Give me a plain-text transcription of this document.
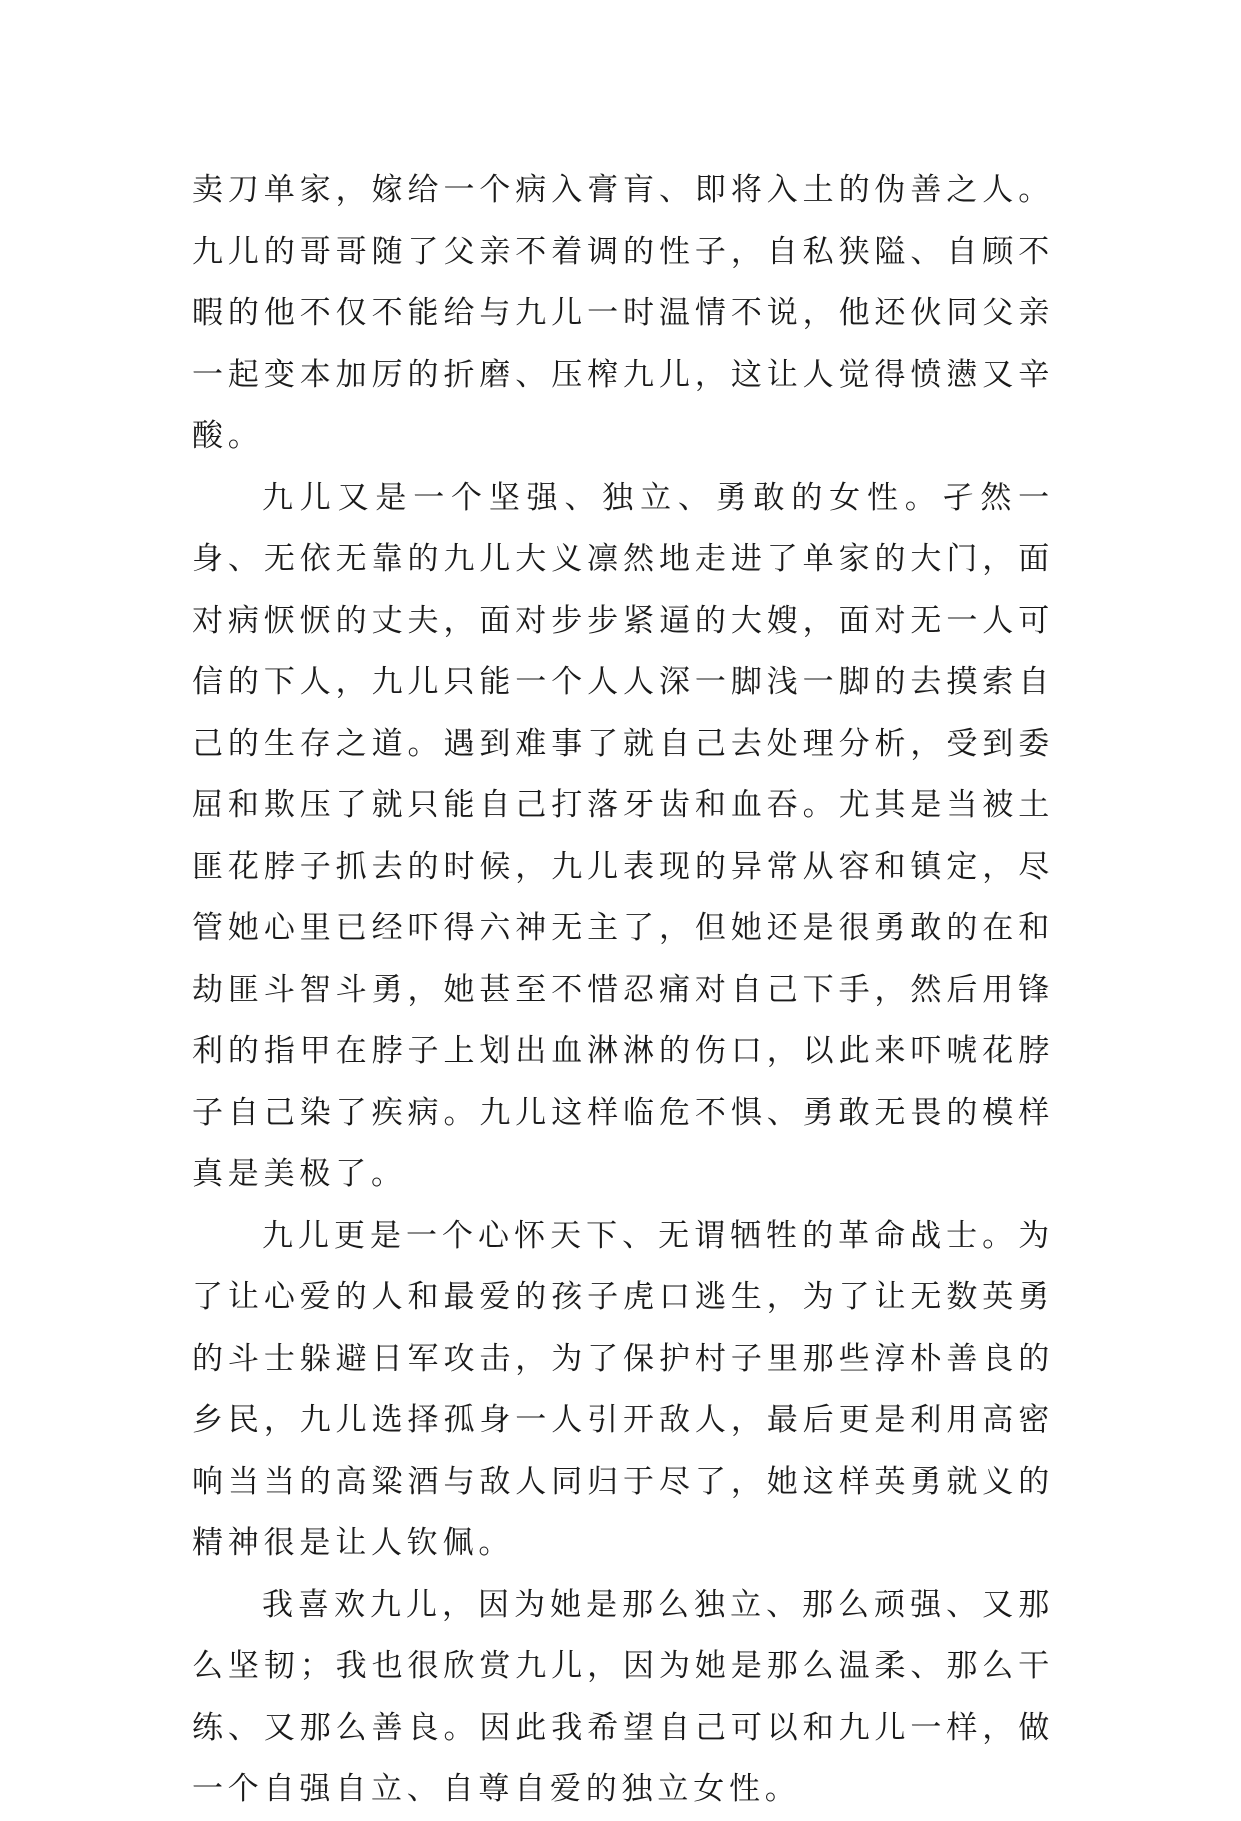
卖刀单家，嫁给一个病入膏肓、即将入土的伪善之人。九儿的哥哥随了父亲不着调的性子，自私狭隘、自顾不暇的他不仅不能给与九儿一时温情不说，他还伙同父亲一起变本加厉的折磨、压榨九儿，这让人觉得愤懑又辛酸。

九儿又是一个坚强、独立、勇敢的女性。孑然一身、无依无靠的九儿大义凛然地走进了单家的大门，面对病恹恹的丈夫，面对步步紧逼的大嫂，面对无一人可信的下人，九儿只能一个人人深一脚浅一脚的去摸索自己的生存之道。遇到难事了就自己去处理分析，受到委屈和欺压了就只能自己打落牙齿和血吞。尤其是当被土匪花脖子抓去的时候，九儿表现的异常从容和镇定，尽管她心里已经吓得六神无主了，但她还是很勇敢的在和劫匪斗智斗勇，她甚至不惜忍痛对自己下手，然后用锋利的指甲在脖子上划出血淋淋的伤口，以此来吓唬花脖子自己染了疾病。九儿这样临危不惧、勇敢无畏的模样真是美极了。

九儿更是一个心怀天下、无谓牺牲的革命战士。为了让心爱的人和最爱的孩子虎口逃生，为了让无数英勇的斗士躲避日军攻击，为了保护村子里那些淳朴善良的乡民，九儿选择孤身一人引开敌人，最后更是利用高密响当当的高粱酒与敌人同归于尽了，她这样英勇就义的精神很是让人钦佩。

我喜欢九儿，因为她是那么独立、那么顽强、又那么坚韧；我也很欣赏九儿，因为她是那么温柔、那么干练、又那么善良。因此我希望自己可以和九儿一样，做一个自强自立、自尊自爱的独立女性。
